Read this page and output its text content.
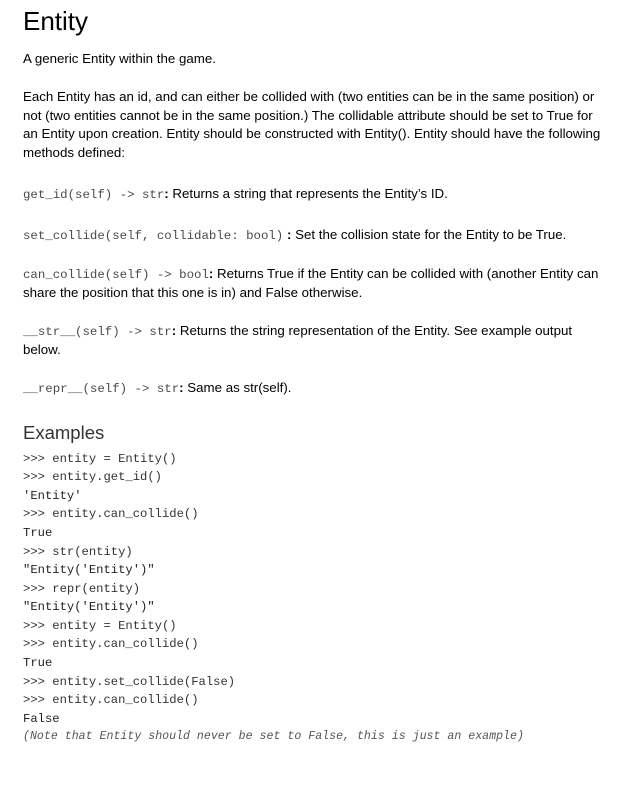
Entity

A generic Entity within the game.

Each Entity has an id, and can either be collided with (two entities can be in the same position) or not (two entities cannot be in the same position.) The collidable attribute should be set to True for an Entity upon creation. Entity should be constructed with Entity(). Entity should have the following methods defined:

get_id(self) -> str: Returns a string that represents the Entity’s ID.

set_collide(self, collidable: bool) : Set the collision state for the Entity to be True.

can_collide(self) -> bool: Returns True if the Entity can be collided with (another Entity can share the position that this one is in) and False otherwise.

__str__(self) -> str: Returns the string representation of the Entity. See example output below.

__repr__(self) -> str: Same as str(self).

Examples
>>> entity = Entity()
>>> entity.get_id()
'Entity'
>>> entity.can_collide()
True
>>> str(entity)
"Entity('Entity')"
>>> repr(entity)
"Entity('Entity')"
>>> entity = Entity()
>>> entity.can_collide()
True
>>> entity.set_collide(False)
>>> entity.can_collide()
False
(Note that Entity should never be set to False, this is just an example)
